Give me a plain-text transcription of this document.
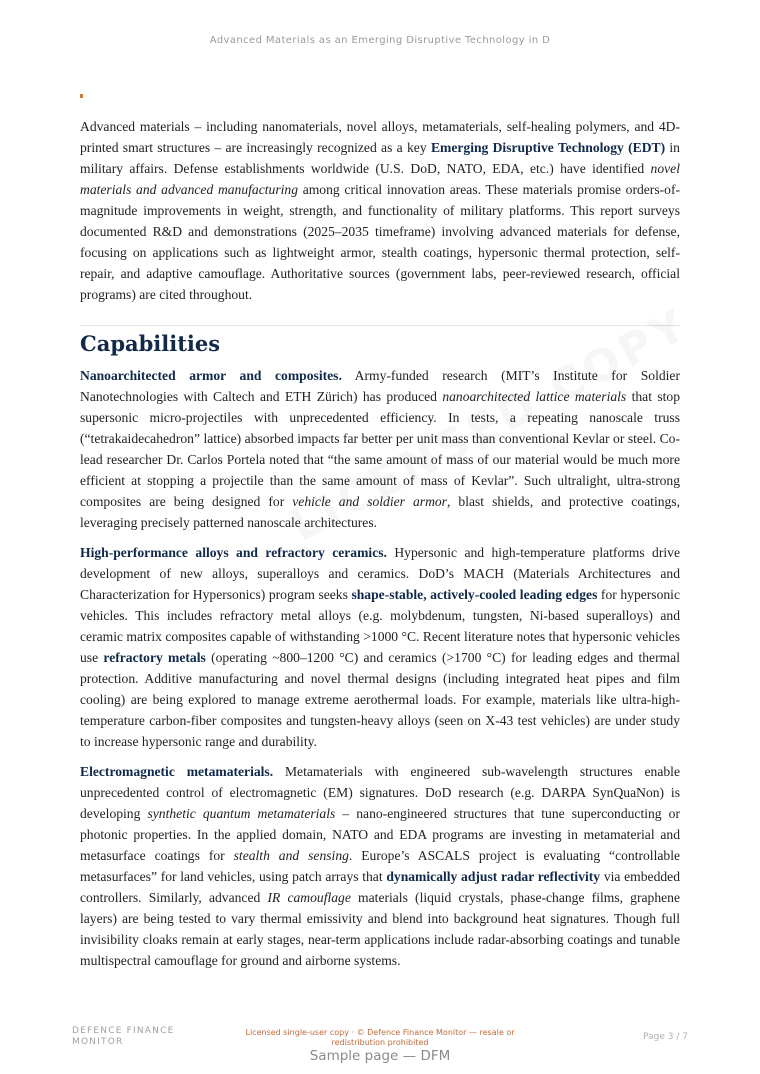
Advanced Materials as an Emerging Disruptive Technology in D

Advanced materials – including nanomaterials, novel alloys, metamaterials, self-healing polymers, and 4D-printed smart structures – are increasingly recognized as a key Emerging Disruptive Technology (EDT) in military affairs. Defense establishments worldwide (U.S. DoD, NATO, EDA, etc.) have identified novel materials and advanced manufacturing among critical innovation areas. These materials promise orders-of-magnitude improvements in weight, strength, and functionality of military platforms. This report surveys documented R&D and demonstrations (2025–2035 timeframe) involving advanced materials for defense, focusing on applications such as lightweight armor, stealth coatings, hypersonic thermal protection, self-repair, and adaptive camouflage. Authoritative sources (government labs, peer-reviewed research, official programs) are cited throughout.

Capabilities

Nanoarchitected armor and composites. Army-funded research (MIT’s Institute for Soldier Nanotechnologies with Caltech and ETH Zürich) has produced nanoarchitected lattice materials that stop supersonic micro-projectiles with unprecedented efficiency. In tests, a repeating nanoscale truss (“tetrakaidecahedron” lattice) absorbed impacts far better per unit mass than conventional Kevlar or steel. Co-lead researcher Dr. Carlos Portela noted that “the same amount of mass of our material would be much more efficient at stopping a projectile than the same amount of mass of Kevlar”. Such ultralight, ultra-strong composites are being designed for vehicle and soldier armor, blast shields, and protective coatings, leveraging precisely patterned nanoscale architectures.

High-performance alloys and refractory ceramics. Hypersonic and high-temperature platforms drive development of new alloys, superalloys and ceramics. DoD’s MACH (Materials Architectures and Characterization for Hypersonics) program seeks shape-stable, actively-cooled leading edges for hypersonic vehicles. This includes refractory metal alloys (e.g. molybdenum, tungsten, Ni-based superalloys) and ceramic matrix composites capable of withstanding >1000 °C. Recent literature notes that hypersonic vehicles use refractory metals (operating ~800–1200 °C) and ceramics (>1700 °C) for leading edges and thermal protection. Additive manufacturing and novel thermal designs (including integrated heat pipes and film cooling) are being explored to manage extreme aerothermal loads. For example, materials like ultra-high-temperature carbon-fiber composites and tungsten-heavy alloys (seen on X-43 test vehicles) are under study to increase hypersonic range and durability.

Electromagnetic metamaterials. Metamaterials with engineered sub-wavelength structures enable unprecedented control of electromagnetic (EM) signatures. DoD research (e.g. DARPA SynQuaNon) is developing synthetic quantum metamaterials – nano-engineered structures that tune superconducting or photonic properties. In the applied domain, NATO and EDA programs are investing in metamaterial and metasurface coatings for stealth and sensing. Europe’s ASCALS project is evaluating “controllable metasurfaces” for land vehicles, using patch arrays that dynamically adjust radar reflectivity via embedded controllers. Similarly, advanced IR camouflage materials (liquid crystals, phase-change films, graphene layers) are being tested to vary thermal emissivity and blend into background heat signatures. Though full invisibility cloaks remain at early stages, near-term applications include radar-absorbing coatings and tunable multispectral camouflage for ground and airborne systems.

DEFENCE FINANCE MONITOR
Licensed single-user copy · © Defence Finance Monitor — resale or redistribution prohibited
Page 3 / 7
Sample page — DFM
